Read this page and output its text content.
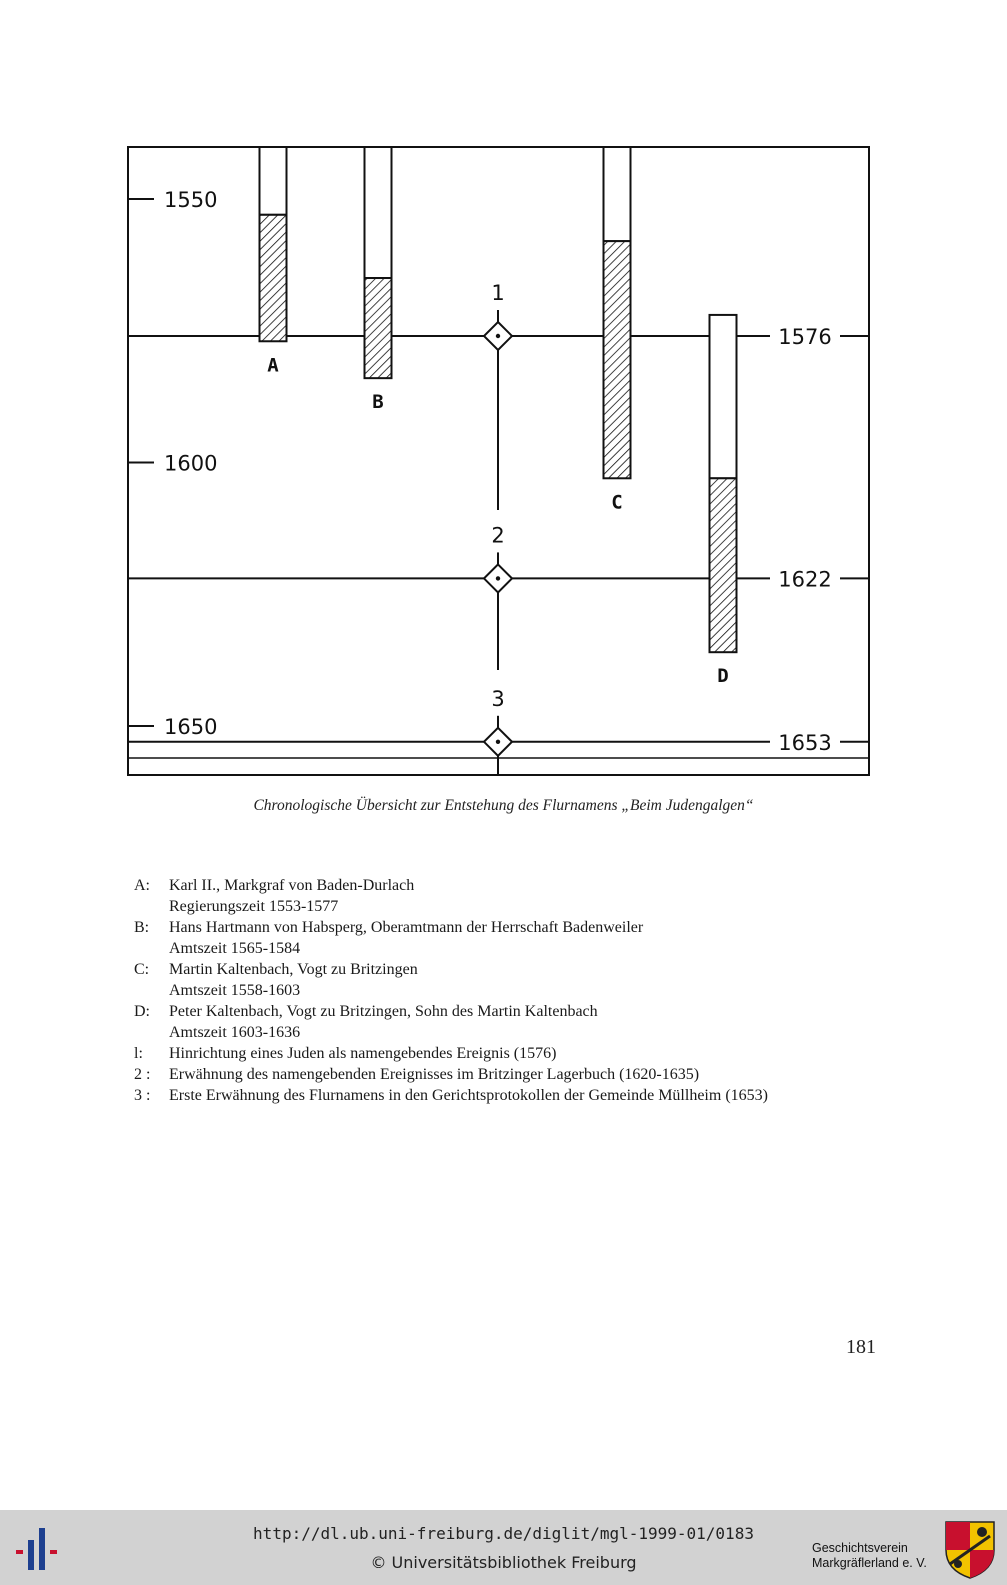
A
B
C
D
1
2
3
1550
1600
1650
1576
1622
1653
Chronologische Übersicht zur Entstehung des Flurnamens „Beim Judengalgen“
A:	Karl II., Markgraf von Baden-Durlach
Regierungszeit 1553-1577
B:	Hans Hartmann von Habsperg, Oberamtmann der Herrschaft Badenweiler
Amtszeit 1565-1584
C:	Martin Kaltenbach, Vogt zu Britzingen
Amtszeit 1558-1603
D:	Peter Kaltenbach, Vogt zu Britzingen, Sohn des Martin Kaltenbach
Amtszeit 1603-1636
l:	Hinrichtung eines Juden als namengebendes Ereignis (1576)
2 :	Erwähnung des namengebenden Ereignisses im Britzinger Lagerbuch (1620-1635)
3 :	Erste Erwähnung des Flurnamens in den Gerichtsprotokollen der Gemeinde Müllheim (1653)
181
http://dl.ub.uni-freiburg.de/diglit/mgl-1999-01/0183
© Universitätsbibliothek Freiburg
Geschichtsverein
Markgräflerland e. V.
